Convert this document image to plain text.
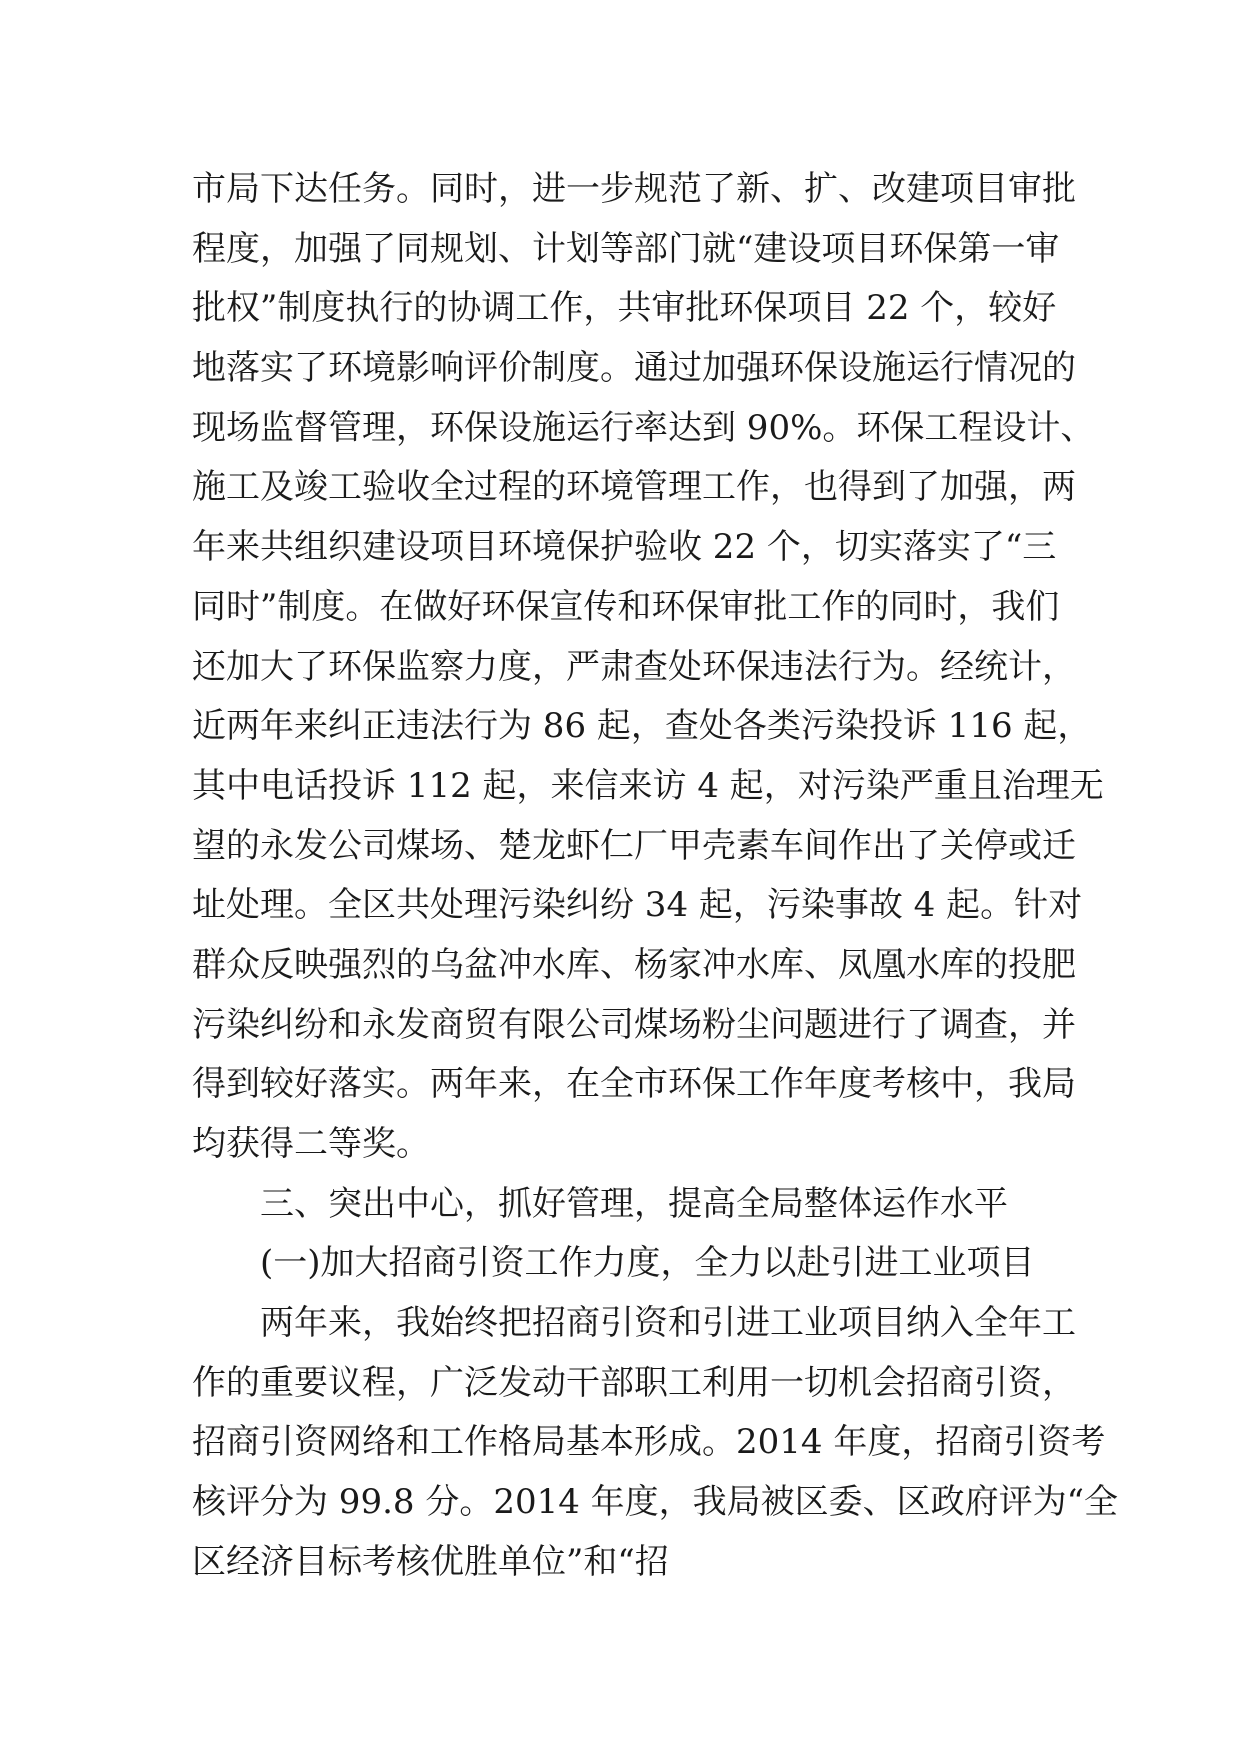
市局下达任务。同时，进一步规范了新、扩、改建项目审批
程度，加强了同规划、计划等部门就“建设项目环保第一审
批权”制度执行的协调工作，共审批环保项目 22 个，较好
地落实了环境影响评价制度。通过加强环保设施运行情况的
现场监督管理，环保设施运行率达到 90%。环保工程设计、
施工及竣工验收全过程的环境管理工作，也得到了加强，两
年来共组织建设项目环境保护验收 22 个，切实落实了“三
同时”制度。在做好环保宣传和环保审批工作的同时，我们
还加大了环保监察力度，严肃查处环保违法行为。经统计，
近两年来纠正违法行为 86 起，查处各类污染投诉 116 起，
其中电话投诉 112 起，来信来访 4 起，对污染严重且治理无
望的永发公司煤场、楚龙虾仁厂甲壳素车间作出了关停或迁
址处理。全区共处理污染纠纷 34 起，污染事故 4 起。针对
群众反映强烈的乌盆冲水库、杨家冲水库、凤凰水库的投肥
污染纠纷和永发商贸有限公司煤场粉尘问题进行了调查，并
得到较好落实。两年来，在全市环保工作年度考核中，我局
均获得二等奖。
三、突出中心，抓好管理，提高全局整体运作水平
(一)加大招商引资工作力度，全力以赴引进工业项目
两年来，我始终把招商引资和引进工业项目纳入全年工
作的重要议程，广泛发动干部职工利用一切机会招商引资，
招商引资网络和工作格局基本形成。2014 年度，招商引资考
核评分为 99.8 分。2014 年度，我局被区委、区政府评为“全
区经济目标考核优胜单位”和“招
